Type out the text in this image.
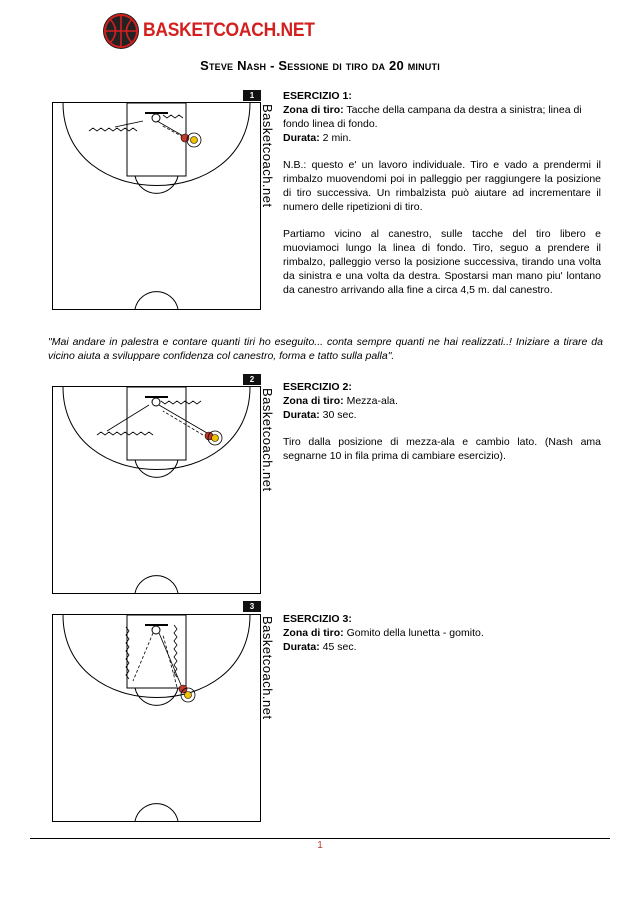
BASKETCOACH.NET
Steve Nash - Sessione di tiro da 20 minuti
1
Basketcoach.net

ESERCIZIO 1:

Zona di tiro: Tacche della campana da destra a sinistra; linea di fondo linea di fondo.

Durata: 2 min.

N.B.: questo e' un lavoro individuale. Tiro e vado a prendermi il rimbalzo muovendomi poi in palleggio per raggiungere la posizione di tiro successiva. Un rimbalzista può aiutare ad incrementare il numero delle ripetizioni di tiro.

Partiamo vicino al canestro, sulle tacche del tiro libero e muoviamoci lungo la linea di fondo. Tiro, seguo a prendere il rimbalzo, palleggio verso la posizione successiva, tirando una volta da sinistra e una volta da destra. Spostarsi man mano piu' lontano da canestro arrivando alla fine a circa 4,5 m. dal canestro.

"Mai andare in palestra e contare quanti tiri ho eseguito... conta sempre quanti ne hai realizzati..! Iniziare a tirare da vicino aiuta a sviluppare confidenza col canestro, forma e tatto sulla palla".
2
Basketcoach.net

ESERCIZIO 2:

Zona di tiro: Mezza-ala.

Durata: 30 sec.

Tiro dalla posizione di mezza-ala e cambio lato. (Nash ama segnarne 10 in fila prima di cambiare esercizio).

3
Basketcoach.net ESERCIZIO 3:

Zona di tiro: Gomito della lunetta - gomito.

Durata: 45 sec.

1
